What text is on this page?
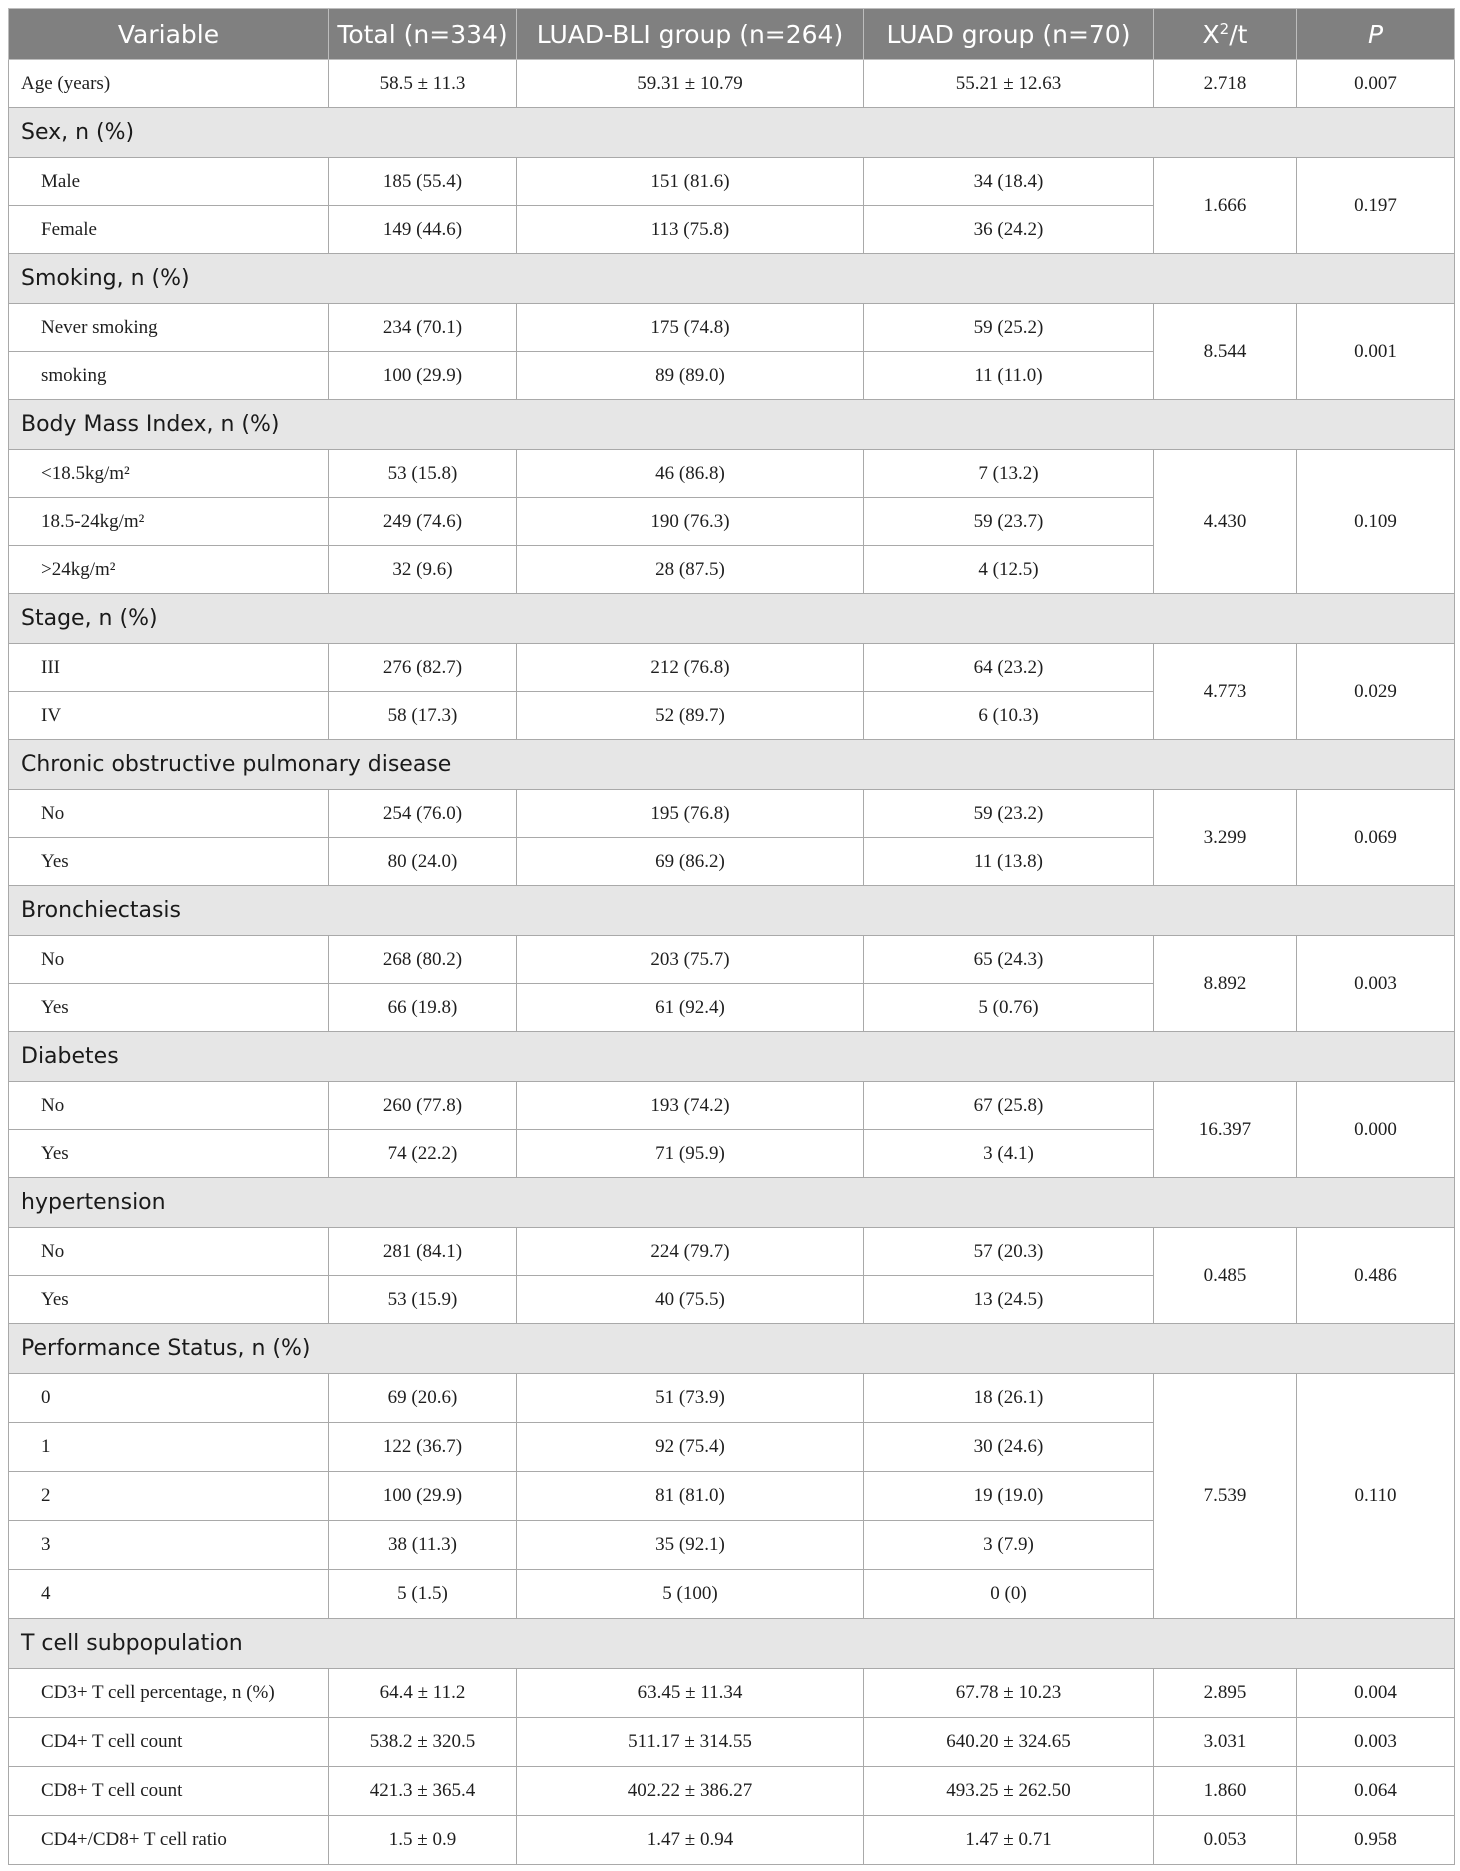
Variable	Total (n=334)	LUAD-BLI group (n=264)	LUAD group (n=70)	$X^2/t$	P
Age (years)	58.5 ± 11.3	59.31 ± 10.79	55.21 ± 12.63	2.718	0.007
Sex, n (%)					
Male	185 (55.4)	151 (81.6)	34 (18.4)	1.666	0.197
Female	149 (44.6)	113 (75.8)	36 (24.2)		
Smoking, n (%)					
Never smoking	234 (70.1)	175 (74.8)	59 (25.2)	8.544	0.001
smoking	100 (29.9)	89 (89.0)	11 (11.0)		
Body Mass Index, n (%)					
<18.5kg/m²	53 (15.8)	46 (86.8)	7 (13.2)	4.430	0.109
18.5-24kg/m²	249 (74.6)	190 (76.3)	59 (23.7)		
>24kg/m²	32 (9.6)	28 (87.5)	4 (12.5)		
Stage, n (%)					
III	276 (82.7)	212 (76.8)	64 (23.2)	4.773	0.029
IV	58 (17.3)	52 (89.7)	6 (10.3)		
Chronic obstructive pulmonary disease					
No	254 (76.0)	195 (76.8)	59 (23.2)	3.299	0.069
Yes	80 (24.0)	69 (86.2)	11 (13.8)		
Bronchiectasis					
No	268 (80.2)	203 (75.7)	65 (24.3)	8.892	0.003
Yes	66 (19.8)	61 (92.4)	5 (0.76)		
Diabetes					
No	260 (77.8)	193 (74.2)	67 (25.8)	16.397	0.000
Yes	74 (22.2)	71 (95.9)	3 (4.1)		
hypertension					
No	281 (84.1)	224 (79.7)	57 (20.3)	0.485	0.486
Yes	53 (15.9)	40 (75.5)	13 (24.5)		
Performance Status, n (%)					
0	69 (20.6)	51 (73.9)	18 (26.1)	7.539	0.110
1	122 (36.7)	92 (75.4)	30 (24.6)		
2	100 (29.9)	81 (81.0)	19 (19.0)		
3	38 (11.3)	35 (92.1)	3 (7.9)		
4	5 (1.5)	5 (100)	0 (0)		
T cell subpopulation					
CD3+ T cell percentage, n (%)	64.4 ± 11.2	63.45 ± 11.34	67.78 ± 10.23	2.895	0.004
CD4+ T cell count	538.2 ± 320.5	511.17 ± 314.55	640.20 ± 324.65	3.031	0.003
CD8+ T cell count	421.3 ± 365.4	402.22 ± 386.27	493.25 ± 262.50	1.860	0.064
CD4+/CD8+ T cell ratio	1.5 ± 0.9	1.47 ± 0.94	1.47 ± 0.71	0.053	0.958
